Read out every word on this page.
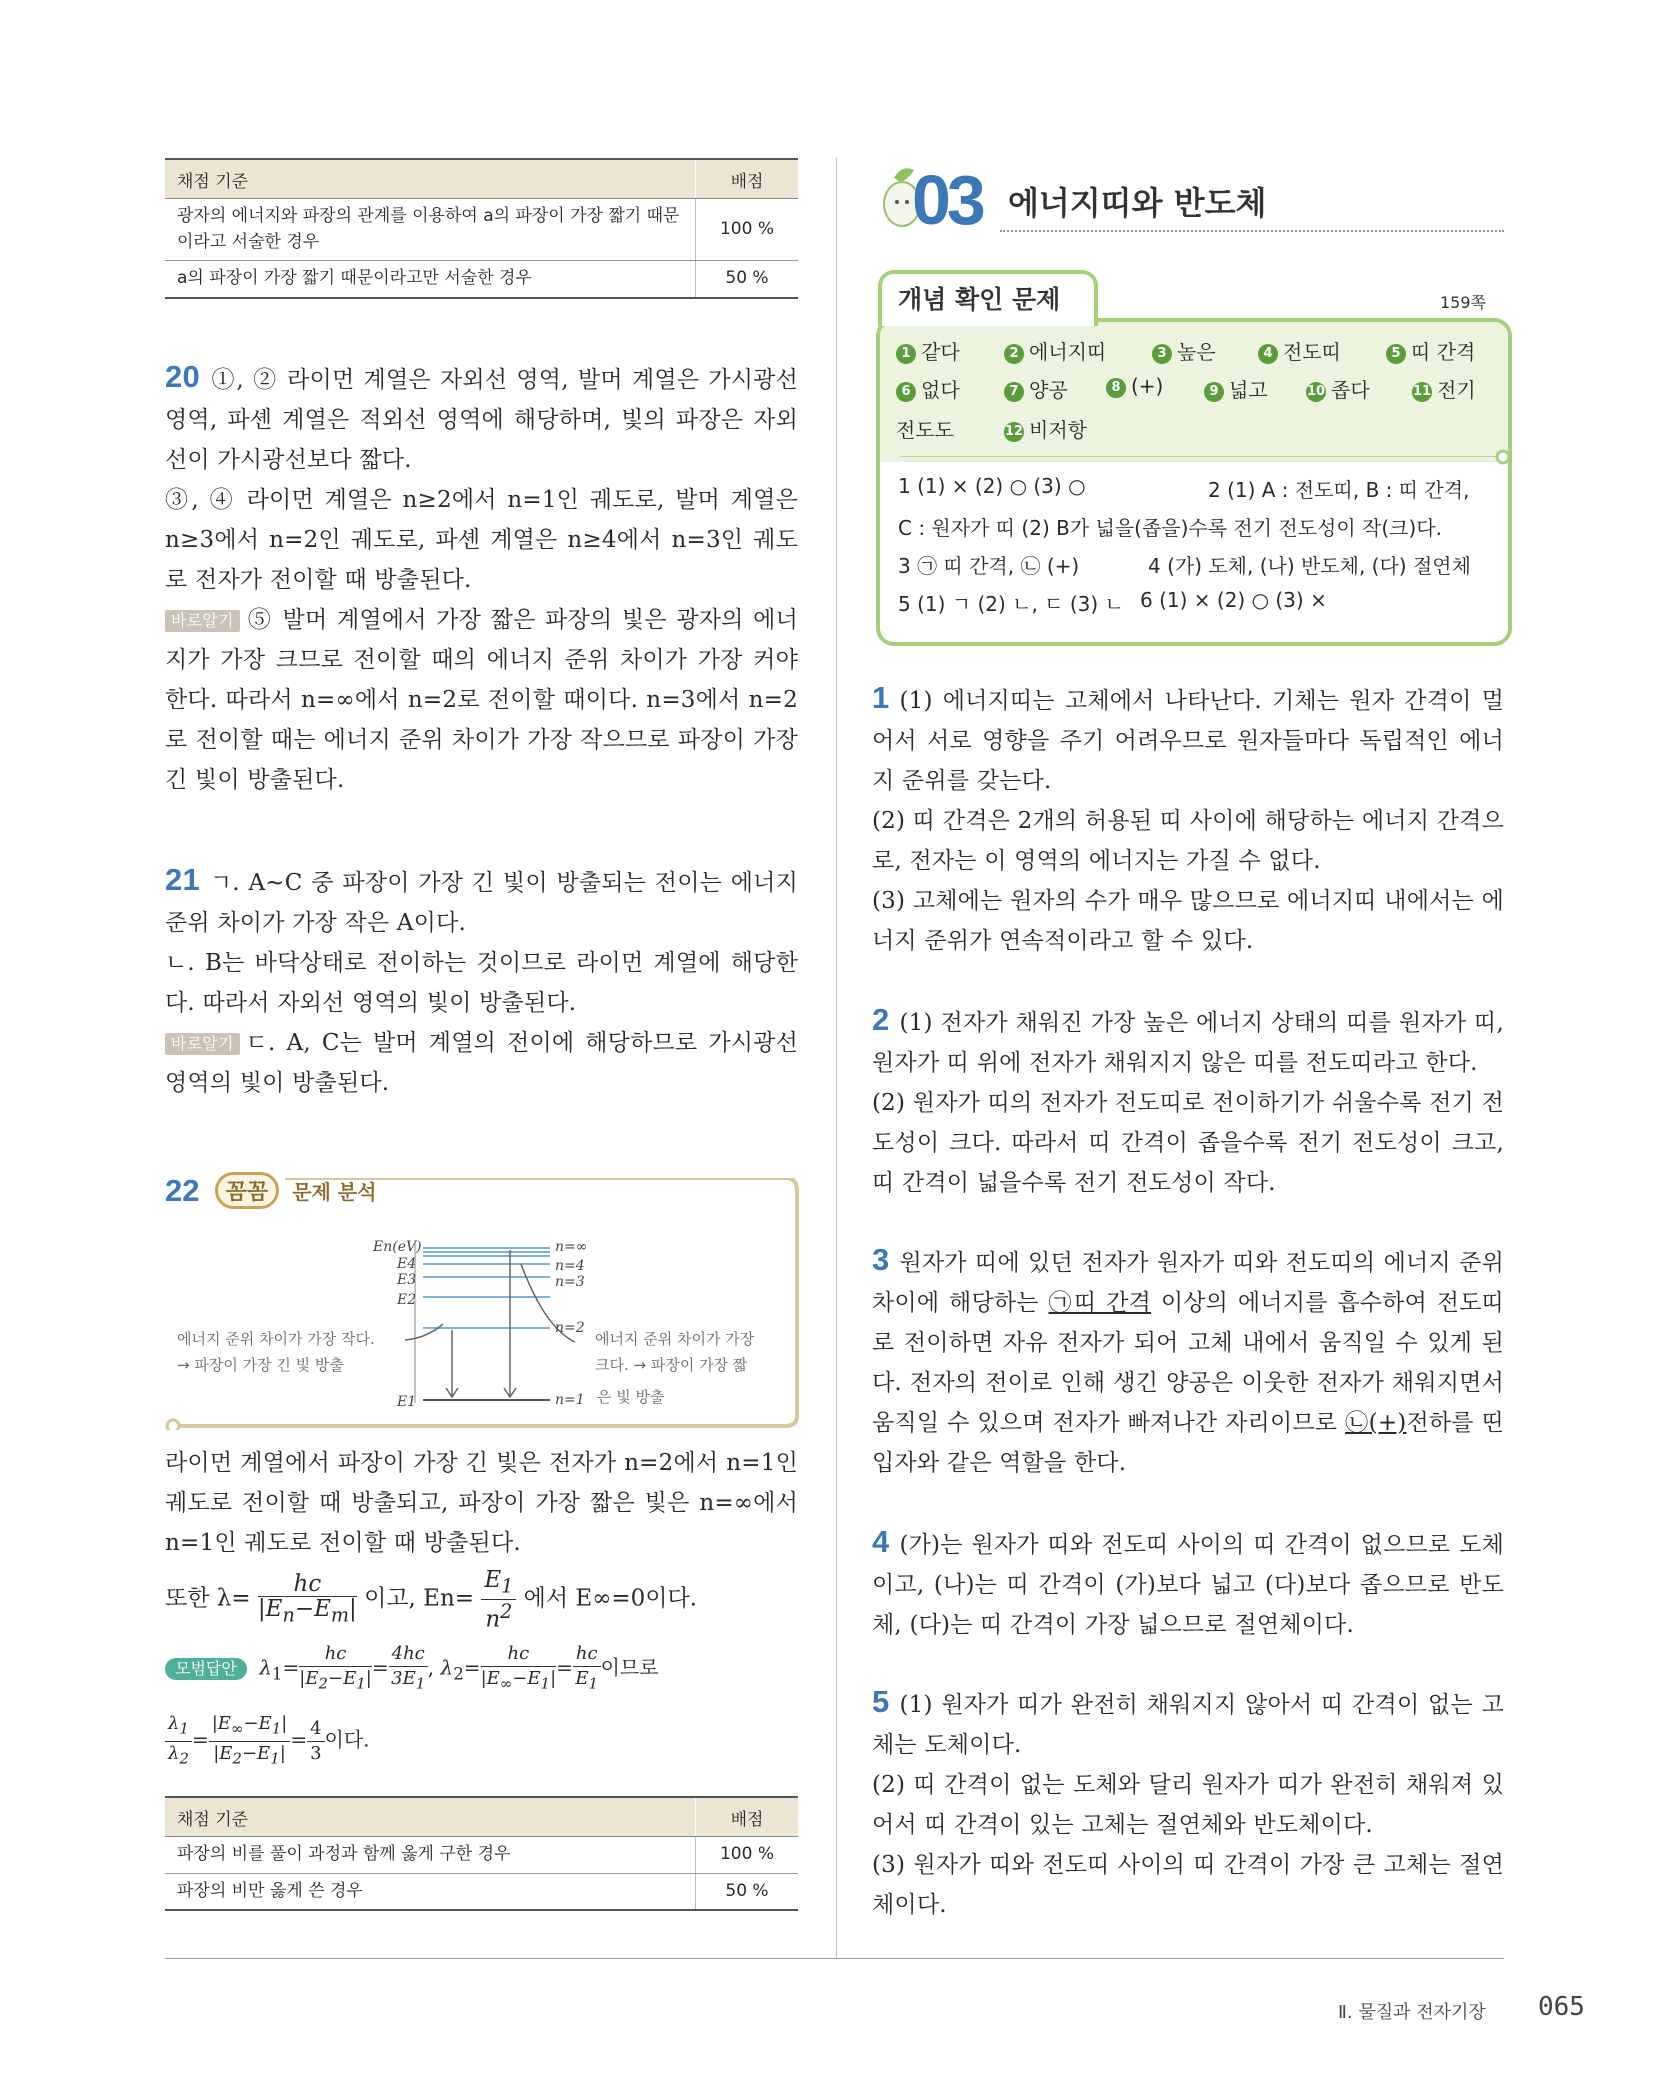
채점 기준	배점
광자의 에너지와 파장의 관계를 이용하여 a의 파장이 가장 짧기 때문
이라고 서술한 경우	100 %
a의 파장이 가장 짧기 때문이라고만 서술한 경우	50 %

20 ①, ② 라이먼 계열은 자외선 영역, 발머 계열은 가시광선 영역, 파셴 계열은 적외선 영역에 해당하며, 빛의 파장은 자외선이 가시광선보다 짧다.

③, ④ 라이먼 계열은 n≥2에서 n=1인 궤도로, 발머 계열은 n≥3에서 n=2인 궤도로, 파셴 계열은 n≥4에서 n=3인 궤도로 전자가 전이할 때 방출된다.

바로알기 ⑤ 발머 계열에서 가장 짧은 파장의 빛은 광자의 에너지가 가장 크므로 전이할 때의 에너지 준위 차이가 가장 커야 한다. 따라서 n=∞에서 n=2로 전이할 때이다. n=3에서 n=2로 전이할 때는 에너지 준위 차이가 가장 작으므로 파장이 가장 긴 빛이 방출된다.

21 ㄱ. A~C 중 파장이 가장 긴 빛이 방출되는 전이는 에너지 준위 차이가 가장 작은 A이다.

ㄴ. B는 바닥상태로 전이하는 것이므로 라이먼 계열에 해당한다. 따라서 자외선 영역의 빛이 방출된다.

바로알기 ㄷ. A, C는 발머 계열의 전이에 해당하므로 가시광선 영역의 빛이 방출된다.

22 꼼꼼 문제 분석
En(eV)
E4
E3
E2
E1
n=∞
n=4
n=3
n=2
n=1
에너지 준위 차이가 가장 작다.
→ 파장이 가장 긴 빛 방출
에너지 준위 차이가 가장
크다. → 파장이 가장 짧
은 빛 방출
라이먼 계열에서 파장이 가장 긴 빛은 전자가 n=2에서 n=1인 궤도로 전이할 때 방출되고, 파장이 가장 짧은 빛은 n=∞에서 n=1인 궤도로 전이할 때 방출된다.
또한 $\lambda= \frac{hc}{|E_n-E_m|}$ 이고, $En= \frac{E_1}{n^2}$ 에서 E∞=0이다.
모범답안 $\lambda_1= \frac{hc}{|E_2-E_1|} = \frac{4hc}{3E_1}$ , $\lambda_2= \frac{hc}{|E_\infty-E_1|} = \frac{hc}{E_1}$ 이므로
$\frac{\lambda_1}{\lambda_2} = \frac{|E_\infty-E_1|}{|E_2-E_1|} = \frac{4}{3}$ 이다.
채점 기준	배점
파장의 비를 풀이 과정과 함께 옳게 구한 경우	100 %
파장의 비만 옳게 쓴 경우	50 %
03 에너지띠와 반도체
개념 확인 문제	159쪽
1 같다	2 에너지띠	3 높은	4 전도띠	5 띠 간격
6 없다	7 양공	8 (+)	9 넓고	10 좁다	11 전기
전도도	12 비저항
1 (1) × (2) ○ (3) ○	2 (1) A : 전도띠, B : 띠 간격,
C : 원자가 띠 (2) B가 넓을(좁을)수록 전기 전도성이 작(크)다.
3 ㉠ 띠 간격, ㉡ (+)	4 (가) 도체, (나) 반도체, (다) 절연체
5 (1) ㄱ (2) ㄴ, ㄷ (3) ㄴ 6 (1) × (2) ○ (3) ×

1 (1) 에너지띠는 고체에서 나타난다. 기체는 원자 간격이 멀어서 서로 영향을 주기 어려우므로 원자들마다 독립적인 에너지 준위를 갖는다.

(2) 띠 간격은 2개의 허용된 띠 사이에 해당하는 에너지 간격으로, 전자는 이 영역의 에너지는 가질 수 없다.

(3) 고체에는 원자의 수가 매우 많으므로 에너지띠 내에서는 에너지 준위가 연속적이라고 할 수 있다.

2 (1) 전자가 채워진 가장 높은 에너지 상태의 띠를 원자가 띠, 원자가 띠 위에 전자가 채워지지 않은 띠를 전도띠라고 한다.

(2) 원자가 띠의 전자가 전도띠로 전이하기가 쉬울수록 전기 전도성이 크다. 따라서 띠 간격이 좁을수록 전기 전도성이 크고, 띠 간격이 넓을수록 전기 전도성이 작다.

3 원자가 띠에 있던 전자가 원자가 띠와 전도띠의 에너지 준위 차이에 해당하는 ㉠띠 간격 이상의 에너지를 흡수하여 전도띠로 전이하면 자유 전자가 되어 고체 내에서 움직일 수 있게 된다. 전자의 전이로 인해 생긴 양공은 이웃한 전자가 채워지면서 움직일 수 있으며 전자가 빠져나간 자리이므로 ㉡(+)전하를 띤 입자와 같은 역할을 한다.

4 (가)는 원자가 띠와 전도띠 사이의 띠 간격이 없으므로 도체이고, (나)는 띠 간격이 (가)보다 넓고 (다)보다 좁으므로 반도체, (다)는 띠 간격이 가장 넓으므로 절연체이다.

5 (1) 원자가 띠가 완전히 채워지지 않아서 띠 간격이 없는 고체는 도체이다.

(2) 띠 간격이 없는 도체와 달리 원자가 띠가 완전히 채워져 있어서 띠 간격이 있는 고체는 절연체와 반도체이다.

(3) 원자가 띠와 전도띠 사이의 띠 간격이 가장 큰 고체는 절연체이다.

Ⅱ. 물질과 전자기장 065
